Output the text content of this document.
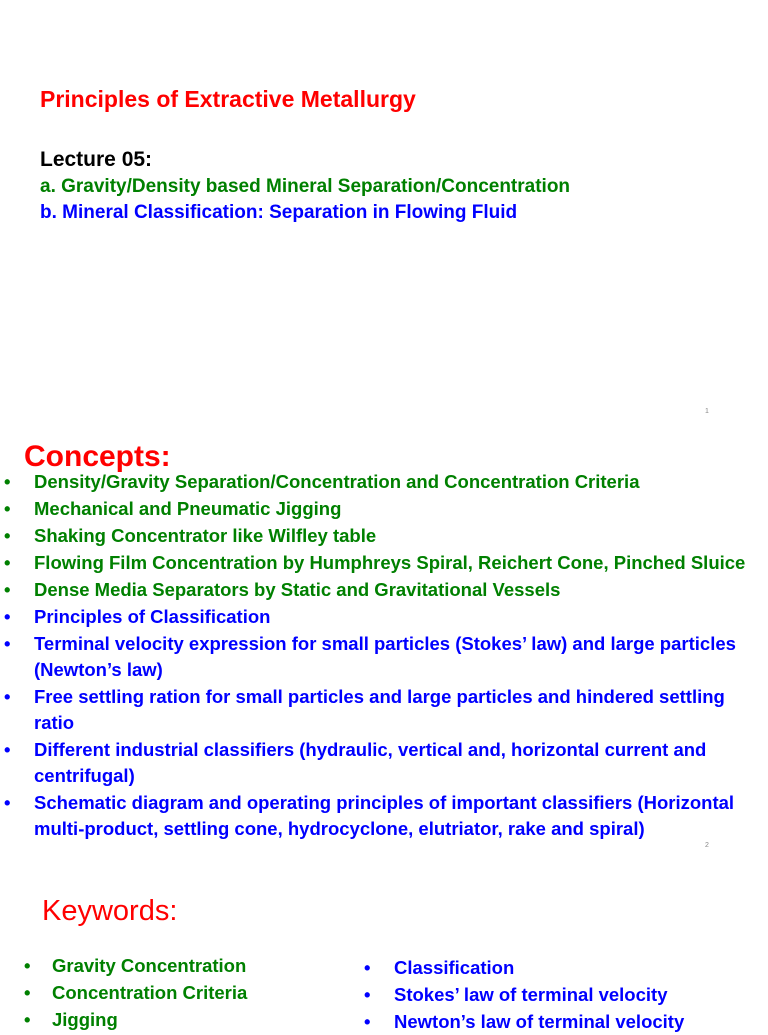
Principles of Extractive Metallurgy
Lecture 05:
a. Gravity/Density based Mineral Separation/Concentration
b. Mineral Classification: Separation in Flowing Fluid
1
Concepts:
• Density/Gravity Separation/Concentration and Concentration Criteria
• Mechanical and Pneumatic Jigging
• Shaking Concentrator like Wilfley table
• Flowing Film Concentration by Humphreys Spiral, Reichert Cone, Pinched Sluice
• Dense Media Separators by Static and Gravitational Vessels
• Principles of Classification
• Terminal velocity expression for small particles (Stokes’ law) and large particles (Newton’s law)
• Free settling ration for small particles and large particles and hindered settling ratio
• Different industrial classifiers (hydraulic, vertical and, horizontal current and centrifugal)
• Schematic diagram and operating principles of important classifiers (Horizontal multi-product, settling cone, hydrocyclone, elutriator, rake and spiral)
2
Keywords:
• Gravity Concentration
• Concentration Criteria
• Jigging
• Classification
• Stokes’ law of terminal velocity
• Newton’s law of terminal velocity
